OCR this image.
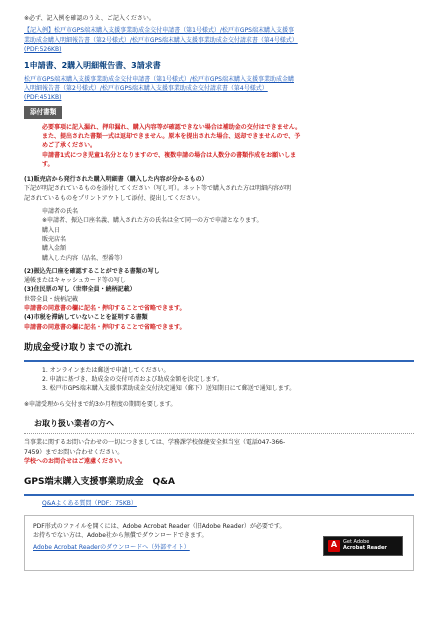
※必ず、記入例を確認のうえ、ご記入ください。

【記入例】松戸市GPS端末購入支援事業助成金交付申請書（第1号様式）/松戸市GPS端末購入支援事

業助成金購入明細報告書（第2号様式）/松戸市GPS端末購入支援事業助成金交付請求書（第4号様式）

(PDF:526KB)

1申請書、2購入明細報告書、3請求書

松戸市GPS端末購入支援事業助成金交付申請書（第1号様式）/松戸市GPS端末購入支援事業助成金購

入明細報告書（第2号様式）/松戸市GPS端末購入支援事業助成金交付請求書（第4号様式）

(PDF:451KB)

添付書類

必要事項に記入漏れ、押印漏れ、購入内容等が確認できない場合は補助金の交付はできません。

また、提出された書類一式は返却できません。原本を提出された場合、返却できませんので、予

めご了承ください。

申請書1式につき児童1名分となりますので、複数申請の場合は人数分の書類作成をお願いしま

す。

(1)販売店から発行された購入明細書（購入した内容が分かるもの）

下記が明記されているものを添付してください（写し可）。ネット等で購入された方は明細内容が明

記されているものをプリントアウトして添付、提出してください。

申請者の氏名

※申請者、振込口座名義、購入された方の氏名は全て同一の方で申請となります。

購入日

販売店名

購入金額

購入した内容（品名、型番等）

(2)振込先口座を確認することができる書類の写し

通帳またはキャッシュカード等の写し

(3)住民票の写し（世帯全員・続柄記載）

世帯全員・続柄記載

申請書の同意書の欄に記名・押印することで省略できます。

(4)市税を滞納していないことを証明する書類

申請書の同意書の欄に記名・押印することで省略できます。

助成金受け取りまでの流れ

1. オンラインまたは郵送で申請してください。

2. 申請に基づき、助成金の交付可否および助成金額を決定します。

3. 松戸市GPS端末購入支援事業助成金交付決定通知（郵下）送知期日にて郵送で通知します。

※申請受理から交付まで約3か月程度の期間を要します。

お取り扱い業者の方へ

当事業に関するお問い合わせの一切につきましては、学務課学校保健安全担当室（電話047-366-

7459）までお問い合わせください。

学校へのお問合せはご遠慮ください。

GPS端末購入支援事業助成金　Q&A

Q&Aよくある質問（PDF：75KB）

PDF形式のファイルを開くには、Adobe Acrobat Reader（旧Adobe Reader）が必要です。

お持ちでない方は、Adobe社から無償でダウンロードできます。

Adobe Acrobat Readerのダウンロードへ（外部サイト）	A	Get Adobe
Acrobat Reader
